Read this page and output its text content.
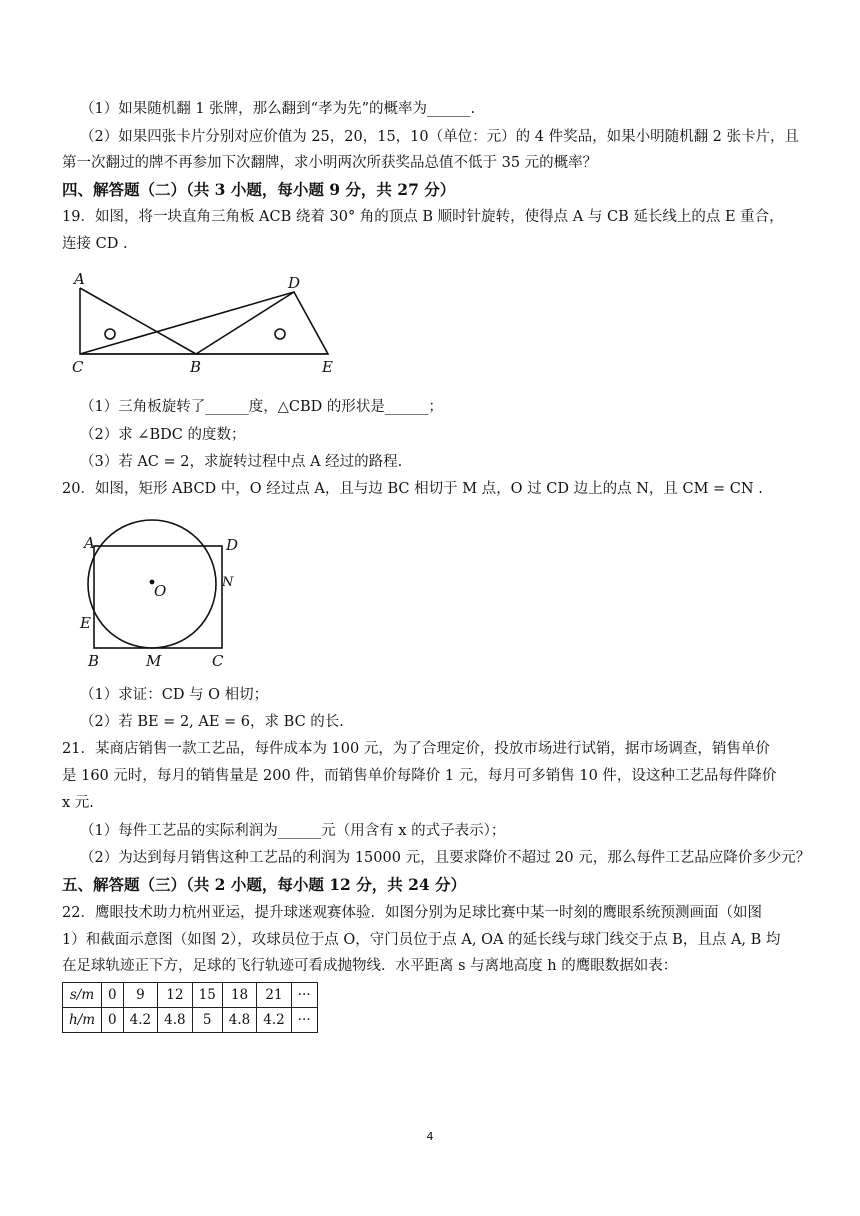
（1）如果随机翻 1 张牌，那么翻到“孝为先”的概率为______.
（2）如果四张卡片分别对应价值为 25，20，15，10（单位：元）的 4 件奖品，如果小明随机翻 2 张卡片，且
第一次翻过的牌不再参加下次翻牌，求小明两次所获奖品总值不低于 35 元的概率？
四、解答题（二）（共 3 小题，每小题 9 分，共 27 分）
19．如图，将一块直角三角板 ACB 绕着 30° 角的顶点 B 顺时针旋转，使得点 A 与 CB 延长线上的点 E 重合，
连接 CD .
A
C	B
D
E
（1）三角板旋转了______度，△CBD 的形状是______；
（2）求 ∠BDC 的度数；
（3）若 AC = 2，求旋转过程中点 A 经过的路程.
20．如图，矩形 ABCD 中，O 经过点 A，且与边 BC 相切于 M 点，O 过 CD 边上的点 N，且 CM = CN .
A	D
N
O
E
B	M	C
（1）求证：CD 与 O 相切；
（2）若 BE = 2, AE = 6，求 BC 的长.
21．某商店销售一款工艺品，每件成本为 100 元，为了合理定价，投放市场进行试销，据市场调查，销售单价
是 160 元时，每月的销售量是 200 件，而销售单价每降价 1 元，每月可多销售 10 件，设这种工艺品每件降价
x 元.
（1）每件工艺品的实际利润为______元（用含有 x 的式子表示）；
（2）为达到每月销售这种工艺品的利润为 15000 元，且要求降价不超过 20 元，那么每件工艺品应降价多少元？
五、解答题（三）（共 2 小题，每小题 12 分，共 24 分）
22．鹰眼技术助力杭州亚运，提升球迷观赛体验．如图分别为足球比赛中某一时刻的鹰眼系统预测画面（如图
1）和截面示意图（如图 2），攻球员位于点 O，守门员位于点 A, OA 的延长线与球门线交于点 B，且点 A, B 均
在足球轨迹正下方，足球的飞行轨迹可看成抛物线．水平距离 s 与离地高度 h 的鹰眼数据如表：
s/m	0	9	12	15	18	21	···
h/m	0	4.2	4.8	5	4.8	4.2	···
4
